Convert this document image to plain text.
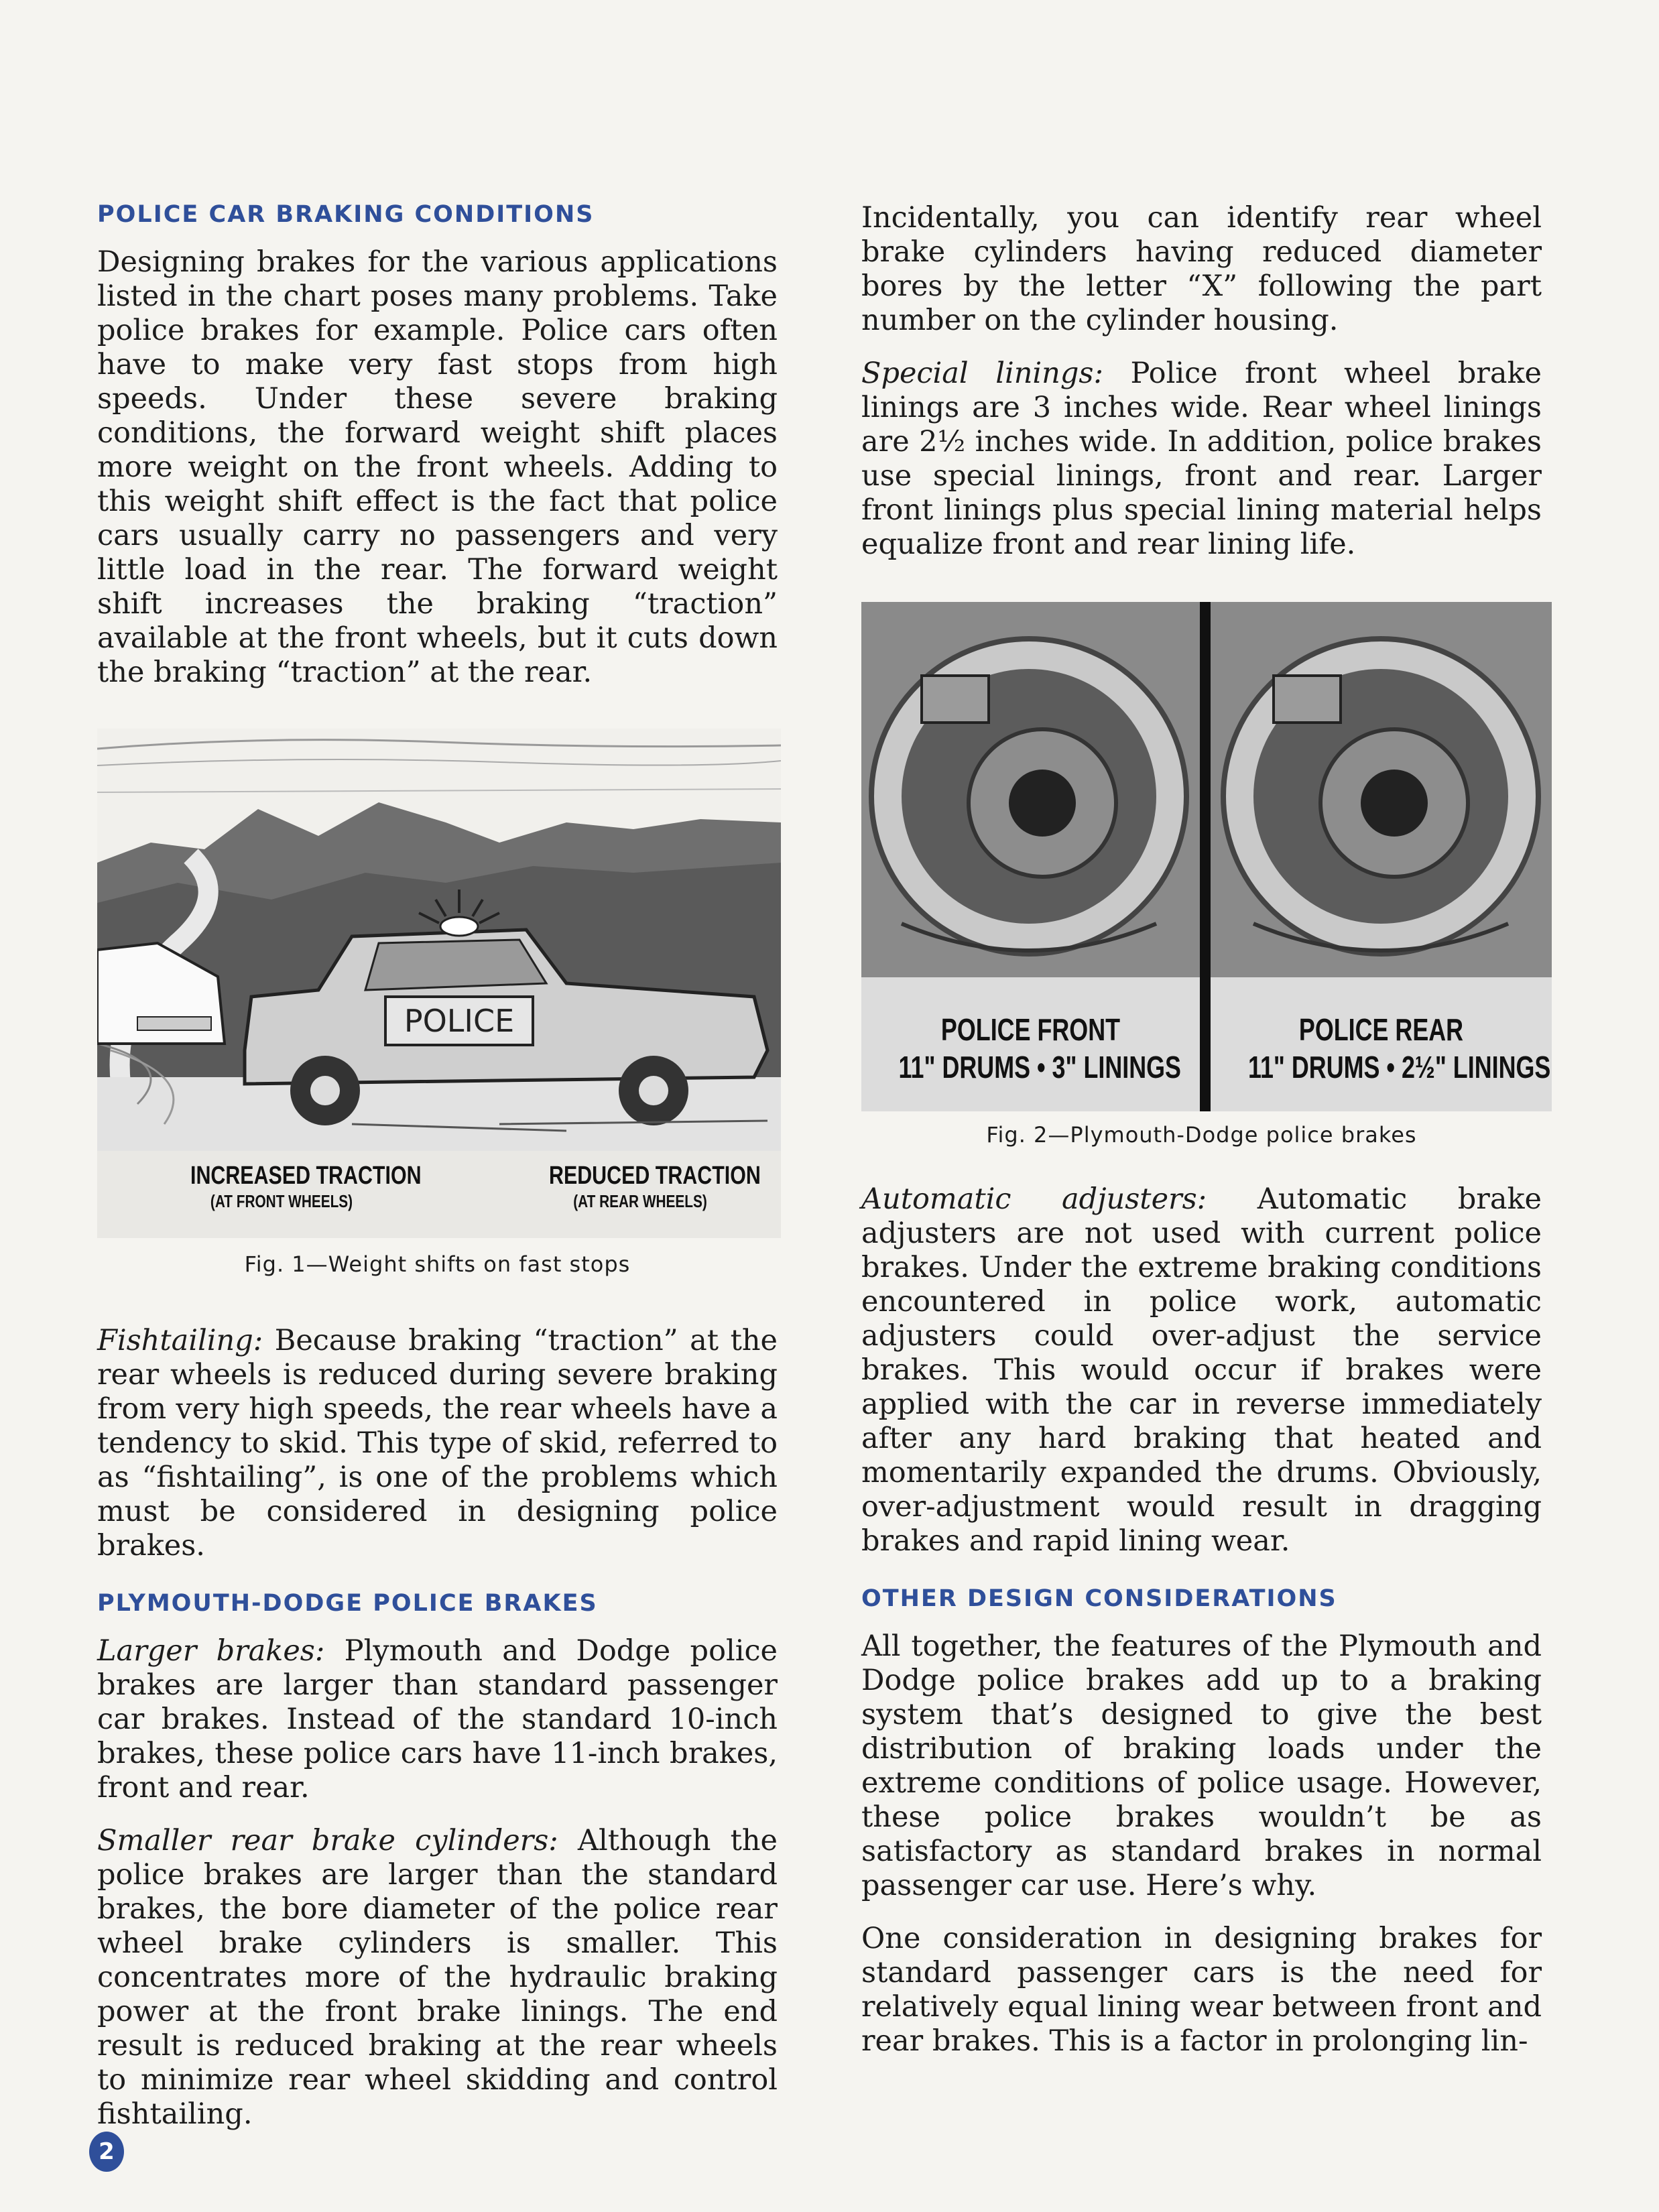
POLICE CAR BRAKING CONDITIONS

Designing brakes for the various applications listed in the chart poses many problems. Take police brakes for example. Police cars often have to make very fast stops from high speeds. Under these severe braking conditions, the forward weight shift places more weight on the front wheels. Adding to this weight shift effect is the fact that police cars usually carry no passengers and very little load in the rear. The forward weight shift increases the braking “traction” available at the front wheels, but it cuts down the braking “traction” at the rear.

POLICE
INCREASED TRACTION
(AT FRONT WHEELS)
REDUCED TRACTION
(AT REAR WHEELS)
Fig. 1—Weight shifts on fast stops

Fishtailing: Because braking “traction” at the rear wheels is reduced during severe braking from very high speeds, the rear wheels have a tendency to skid. This type of skid, referred to as “fishtailing”, is one of the problems which must be considered in designing police brakes.

PLYMOUTH-DODGE POLICE BRAKES

Larger brakes: Plymouth and Dodge police brakes are larger than standard passenger car brakes. Instead of the standard 10-inch brakes, these police cars have 11-inch brakes, front and rear.

Smaller rear brake cylinders: Although the police brakes are larger than the standard brakes, the bore diameter of the police rear wheel brake cylinders is smaller. This concentrates more of the hydraulic braking power at the front brake linings. The end result is reduced braking at the rear wheels to minimize rear wheel skidding and control fishtailing.

Incidentally, you can identify rear wheel brake cylinders having reduced diameter bores by the letter “X” following the part number on the cylinder housing.

Special linings: Police front wheel brake linings are 3 inches wide. Rear wheel linings are 2½ inches wide. In addition, police brakes use special linings, front and rear. Larger front linings plus special lining material helps equalize front and rear lining life.

POLICE FRONT
11" DRUMS • 3" LININGS
POLICE REAR
11" DRUMS • 2½" LININGS
Fig. 2—Plymouth-Dodge police brakes

Automatic adjusters: Automatic brake adjusters are not used with current police brakes. Under the extreme braking conditions encountered in police work, automatic adjusters could over-adjust the service brakes. This would occur if brakes were applied with the car in reverse immediately after any hard braking that heated and momentarily expanded the drums. Obviously, over-adjustment would result in dragging brakes and rapid lining wear.

OTHER DESIGN CONSIDERATIONS

All together, the features of the Plymouth and Dodge police brakes add up to a braking system that’s designed to give the best distribution of braking loads under the extreme conditions of police usage. However, these police brakes wouldn’t be as satisfactory as standard brakes in normal passenger car use. Here’s why.

One consideration in designing brakes for standard passenger cars is the need for relatively equal lining wear between front and rear brakes. This is a factor in prolonging lin-

2
